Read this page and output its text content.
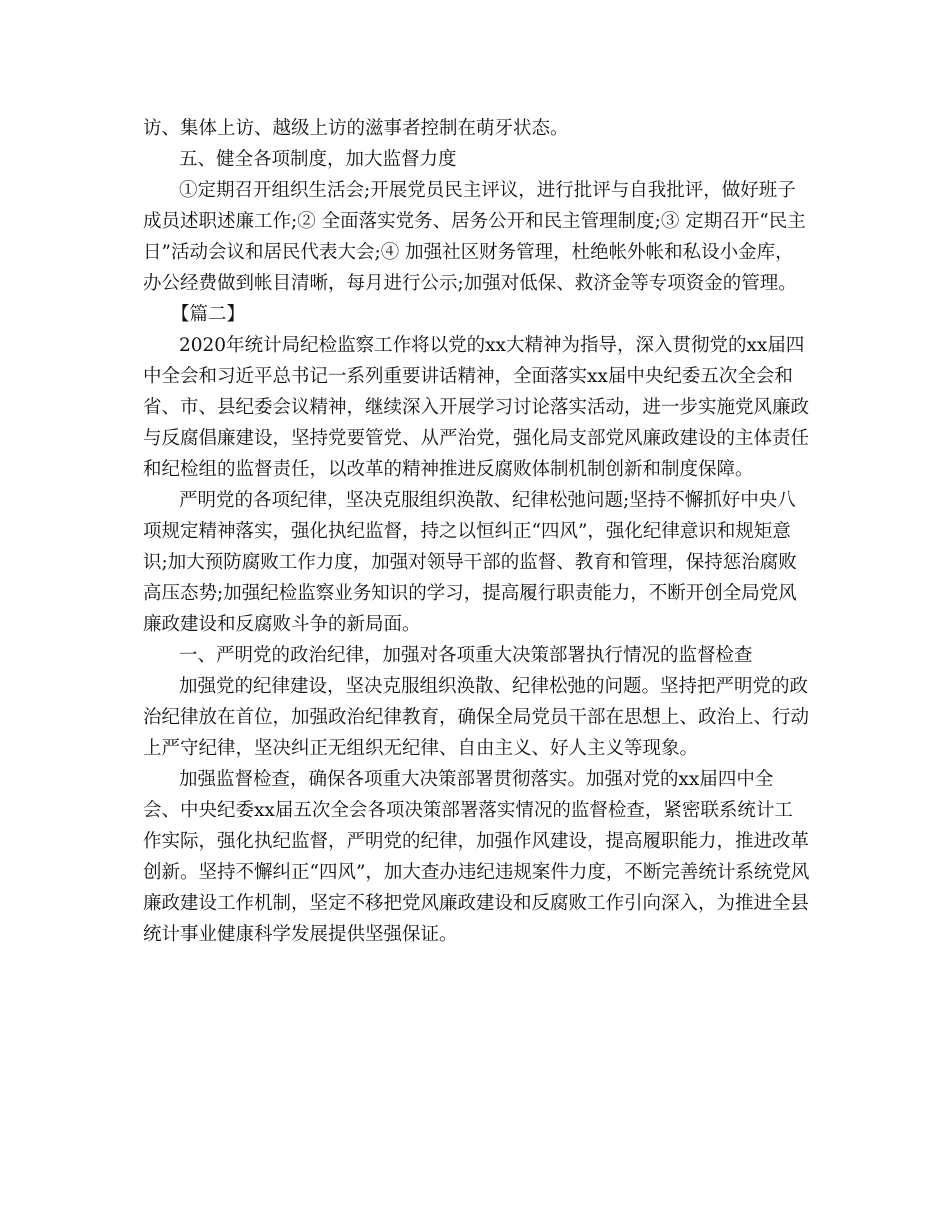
访、集体上访、越级上访的滋事者控制在萌牙状态。
五、健全各项制度，加大监督力度
①定期召开组织生活会;开展党员民主评议，进行批评与自我批评，做好班子
成员述职述廉工作;② 全面落实党务、居务公开和民主管理制度;③ 定期召开“民主
日”活动会议和居民代表大会;④ 加强社区财务管理，杜绝帐外帐和私设小金库，
办公经费做到帐目清晰，每月进行公示;加强对低保、救济金等专项资金的管理。
【篇二】
2020年统计局纪检监察工作将以党的xx大精神为指导，深入贯彻党的xx届四
中全会和习近平总书记一系列重要讲话精神，全面落实xx届中央纪委五次全会和
省、市、县纪委会议精神，继续深入开展学习讨论落实活动，进一步实施党风廉政
与反腐倡廉建设，坚持党要管党、从严治党，强化局支部党风廉政建设的主体责任
和纪检组的监督责任，以改革的精神推进反腐败体制机制创新和制度保障。
严明党的各项纪律，坚决克服组织涣散、纪律松弛问题;坚持不懈抓好中央八
项规定精神落实，强化执纪监督，持之以恒纠正“四风”，强化纪律意识和规矩意
识;加大预防腐败工作力度，加强对领导干部的监督、教育和管理，保持惩治腐败
高压态势;加强纪检监察业务知识的学习，提高履行职责能力，不断开创全局党风
廉政建设和反腐败斗争的新局面。
一、严明党的政治纪律，加强对各项重大决策部署执行情况的监督检查
加强党的纪律建设，坚决克服组织涣散、纪律松弛的问题。坚持把严明党的政
治纪律放在首位，加强政治纪律教育，确保全局党员干部在思想上、政治上、行动
上严守纪律，坚决纠正无组织无纪律、自由主义、好人主义等现象。
加强监督检查，确保各项重大决策部署贯彻落实。加强对党的xx届四中全
会、中央纪委xx届五次全会各项决策部署落实情况的监督检查，紧密联系统计工
作实际，强化执纪监督，严明党的纪律，加强作风建设，提高履职能力，推进改革
创新。坚持不懈纠正“四风”，加大查办违纪违规案件力度，不断完善统计系统党风
廉政建设工作机制，坚定不移把党风廉政建设和反腐败工作引向深入，为推进全县
统计事业健康科学发展提供坚强保证。
